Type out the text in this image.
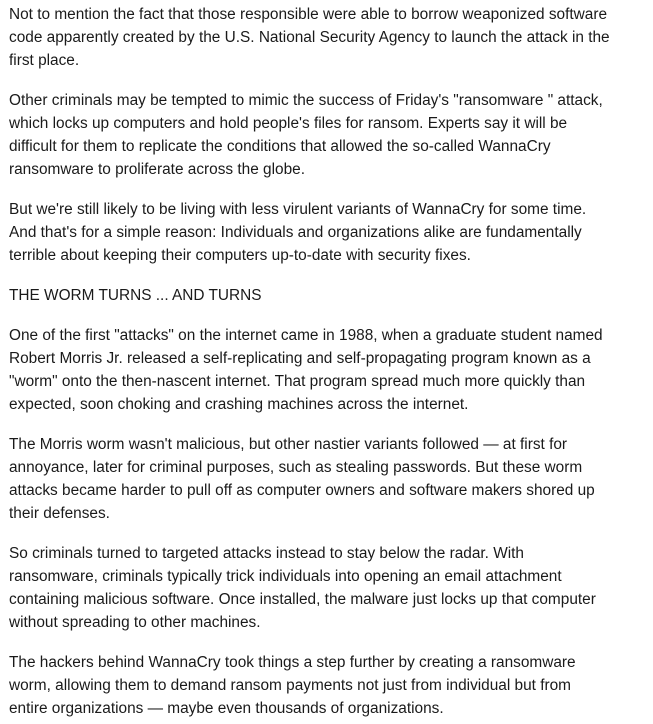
Not to mention the fact that those responsible were able to borrow weaponized software
code apparently created by the U.S. National Security Agency to launch the attack in the
first place.

Other criminals may be tempted to mimic the success of Friday's "ransomware " attack,
which locks up computers and hold people's files for ransom. Experts say it will be
difficult for them to replicate the conditions that allowed the so-called WannaCry
ransomware to proliferate across the globe.

But we're still likely to be living with less virulent variants of WannaCry for some time.
And that's for a simple reason: Individuals and organizations alike are fundamentally
terrible about keeping their computers up-to-date with security fixes.

THE WORM TURNS ... AND TURNS

One of the first "attacks" on the internet came in 1988, when a graduate student named
Robert Morris Jr. released a self-replicating and self-propagating program known as a
"worm" onto the then-nascent internet. That program spread much more quickly than
expected, soon choking and crashing machines across the internet.

The Morris worm wasn't malicious, but other nastier variants followed — at first for
annoyance, later for criminal purposes, such as stealing passwords. But these worm
attacks became harder to pull off as computer owners and software makers shored up
their defenses.

So criminals turned to targeted attacks instead to stay below the radar. With
ransomware, criminals typically trick individuals into opening an email attachment
containing malicious software. Once installed, the malware just locks up that computer
without spreading to other machines.

The hackers behind WannaCry took things a step further by creating a ransomware
worm, allowing them to demand ransom payments not just from individual but from
entire organizations — maybe even thousands of organizations.
